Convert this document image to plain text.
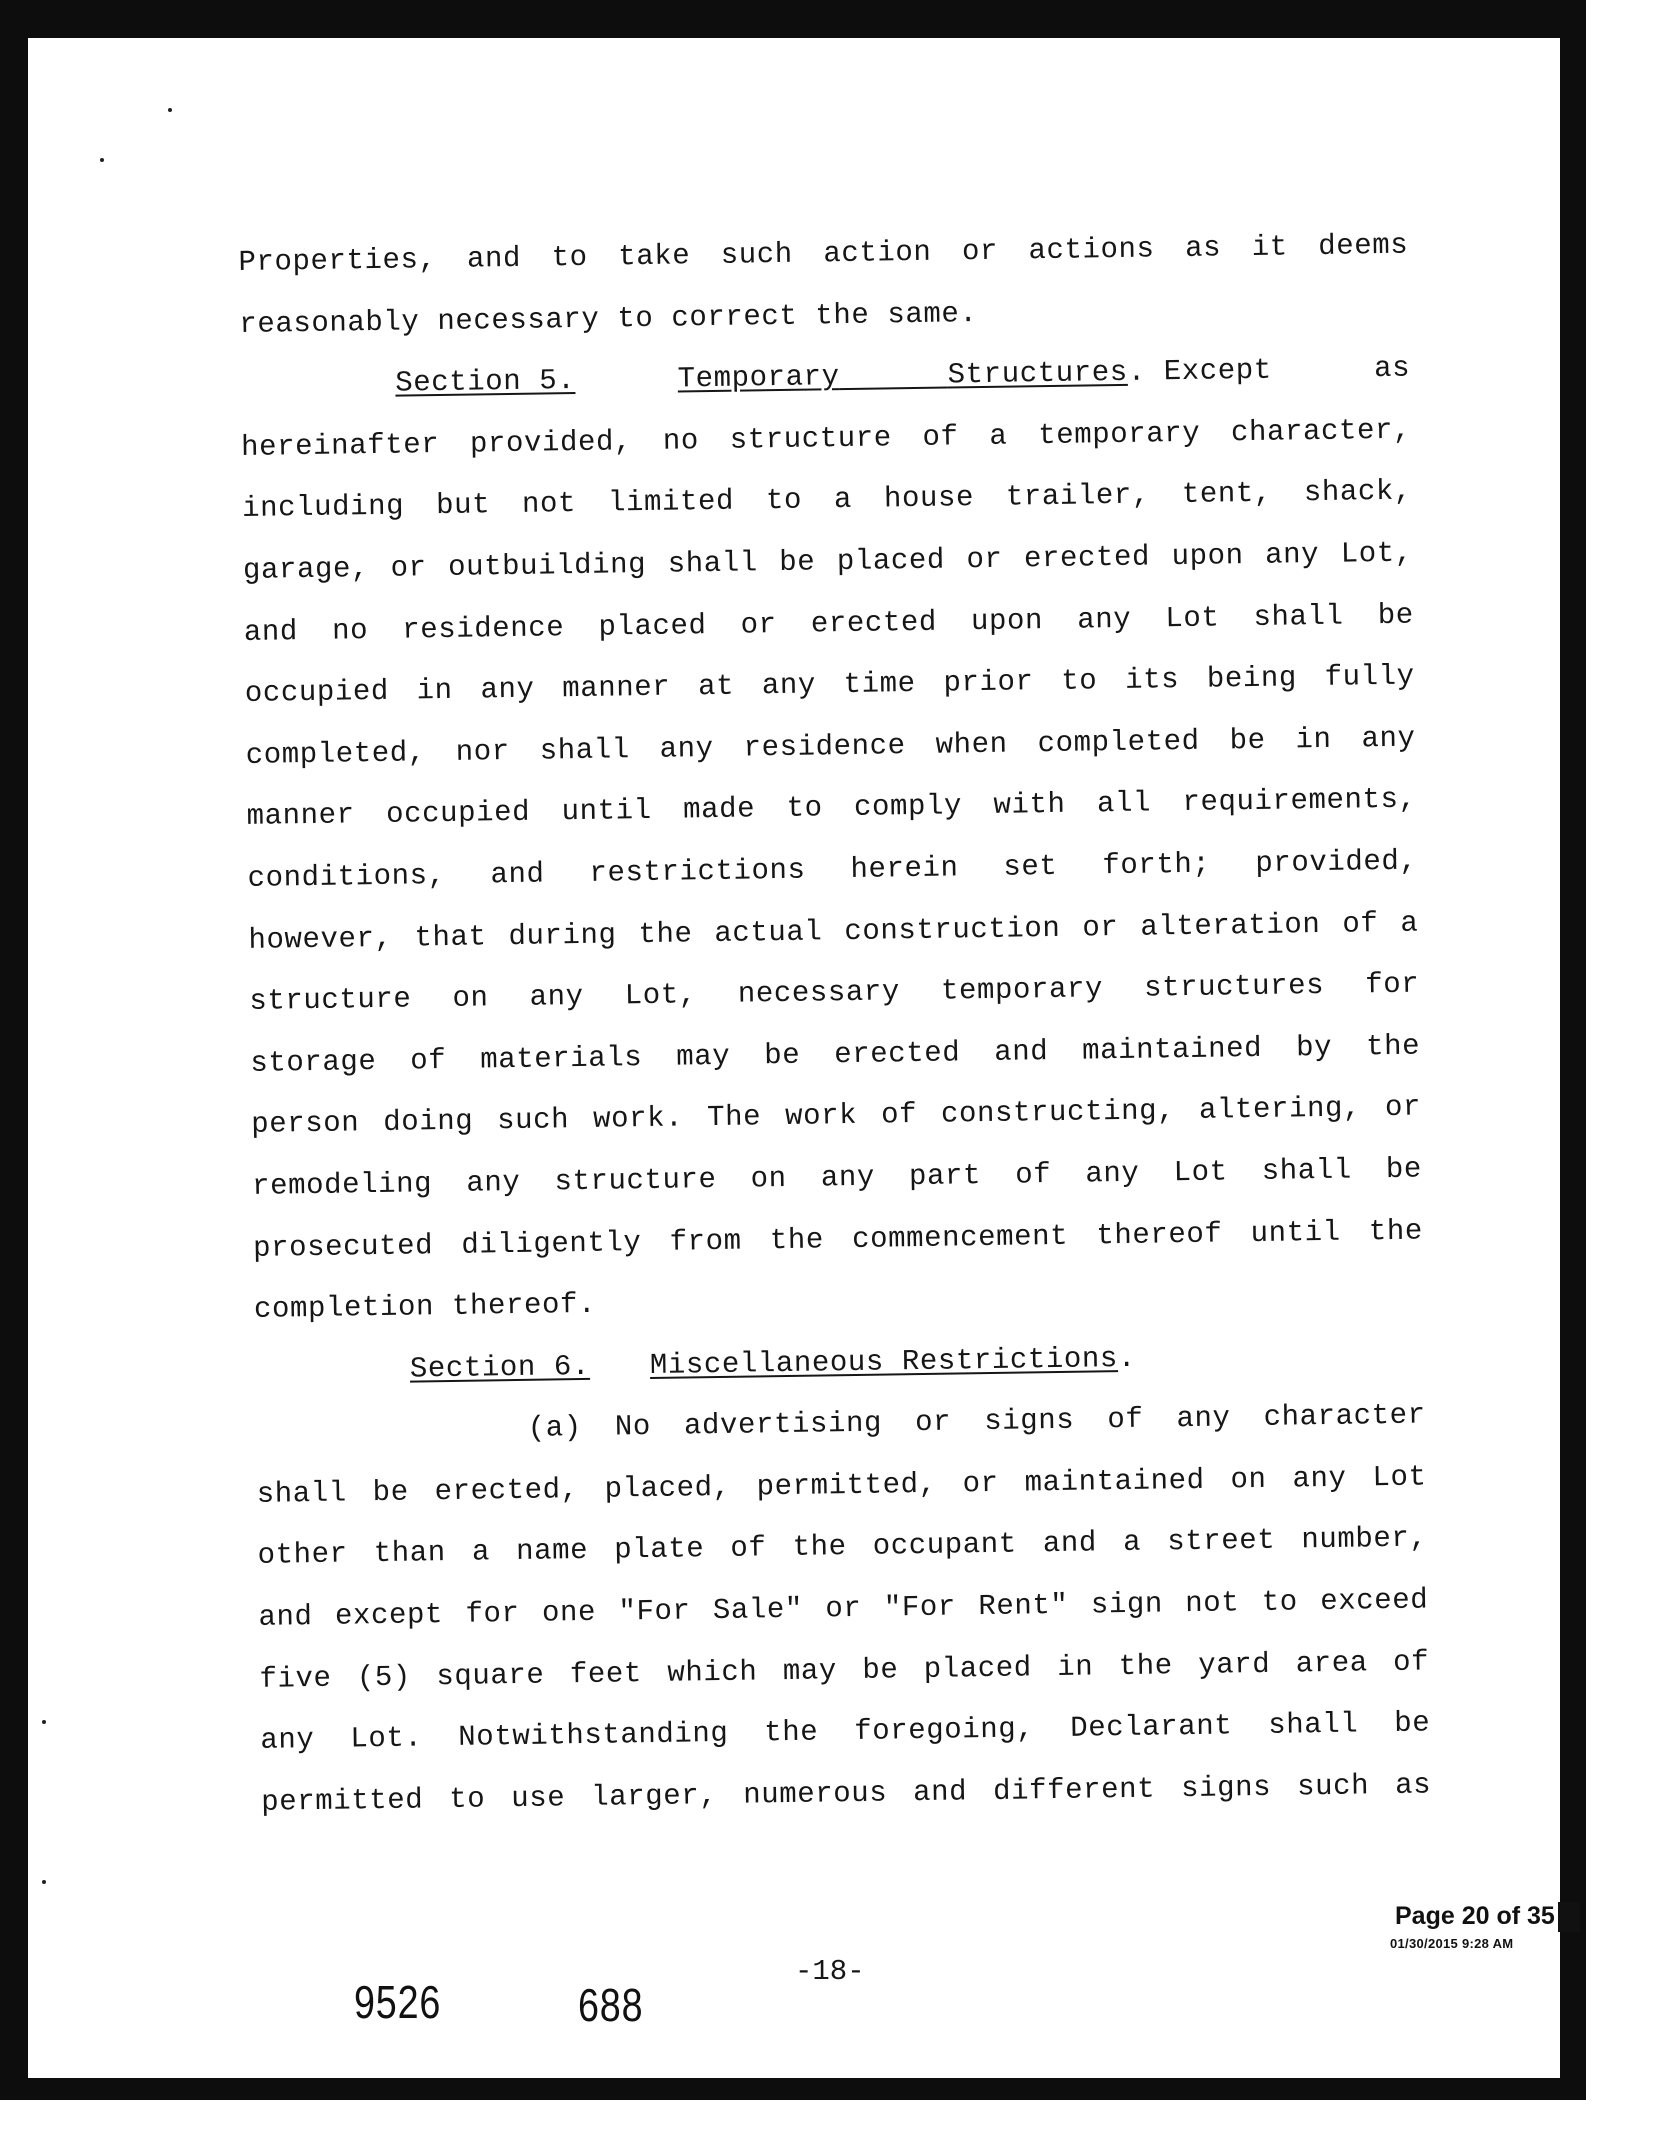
Properties, and to take such action or actions as it deems
reasonably necessary to correct the same.
Section 5.	Temporary	Structures. Except	as
hereinafter provided, no structure of a temporary character,
including but not limited to a house trailer, tent, shack,
garage, or outbuilding shall be placed or erected upon any Lot,
and no residence placed or erected upon any Lot shall be
occupied in any manner at any time prior to its being fully
completed, nor shall any residence when completed be in any
manner occupied until made to comply with all requirements,
conditions, and restrictions herein set forth; provided,
however, that during the actual construction or alteration of a
structure on any Lot, necessary temporary structures for
storage of materials may be erected and maintained by the
person doing such work. The work of constructing, altering, or
remodeling any structure on any part of any Lot shall be
prosecuted diligently from the commencement thereof until the
completion thereof.
Section 6. Miscellaneous Restrictions .
(a) No advertising or signs of any character
shall be erected, placed, permitted, or maintained on any Lot
other than a name plate of the occupant and a street number,
and except for one "For Sale" or "For Rent" sign not to exceed
five (5) square feet which may be placed in the yard area of
any Lot. Notwithstanding the foregoing, Declarant shall be
permitted to use larger, numerous and different signs such as
Page 20 of 35
01/30/2015 9:28 AM
9526	688
-18-
